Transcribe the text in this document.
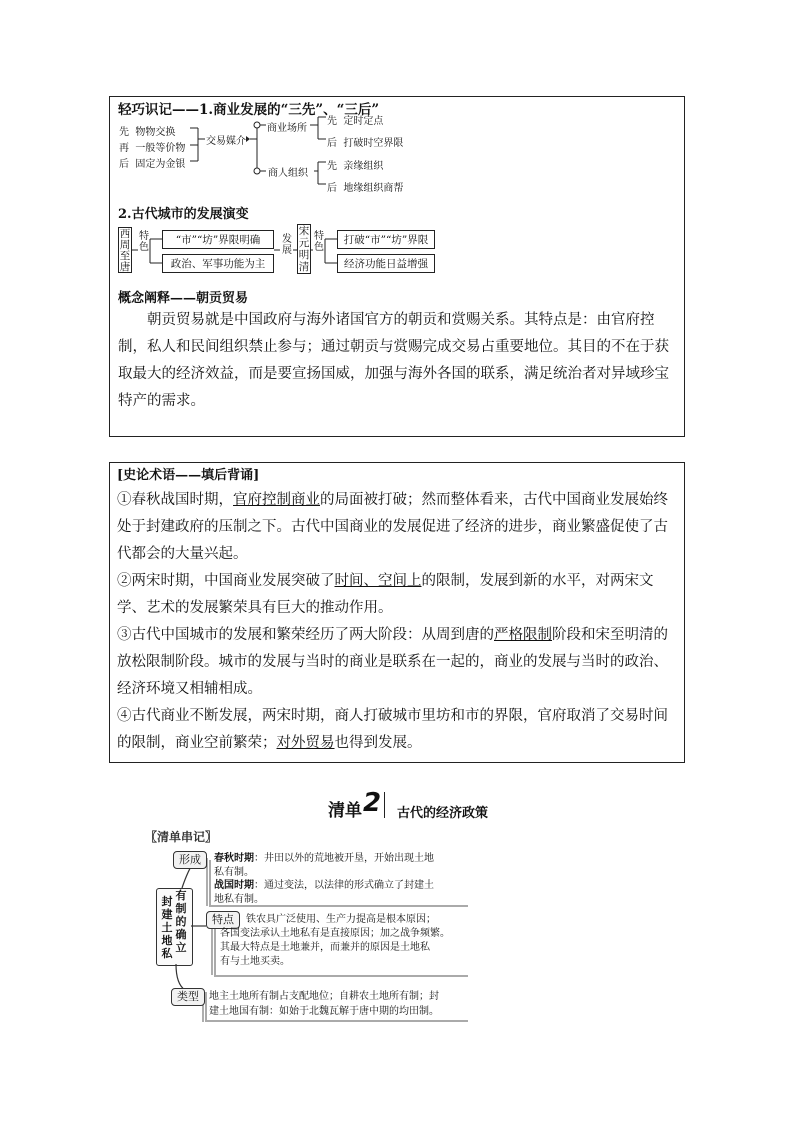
轻巧识记——1.商业发展的“三先”、“三后”
先 物物交换
再 一般等价物
后 固定为金银
交易媒介
商业场所
商人组织
先 定时定点
后 打破时空界限
先 亲缘组织
后 地缘组织商帮
2.古代城市的发展演变
西
周
至
唐
特
色
“市”“坊”界限明确
政治、军事功能为主
发
展
宋
元
明
清
特
色
打破“市”“坊”界限
经济功能日益增强
概念阐释——朝贡贸易
朝贡贸易就是中国政府与海外诸国官方的朝贡和赏赐关系。其特点是：由官府控制，私人和民间组织禁止参与；通过朝贡与赏赐完成交易占重要地位。其目的不在于获取最大的经济效益，而是要宣扬国威，加强与海外各国的联系，满足统治者对异域珍宝特产的需求。
[史论术语——填后背诵]
①春秋战国时期，官府控制商业的局面被打破；然而整体看来，古代中国商业发展始终处于封建政府的压制之下。古代中国商业的发展促进了经济的进步，商业繁盛促使了古代都会的大量兴起。
②两宋时期，中国商业发展突破了时间、空间上的限制，发展到新的水平，对两宋文学、艺术的发展繁荣具有巨大的推动作用。
③古代中国城市的发展和繁荣经历了两大阶段：从周到唐的严格限制阶段和宋至明清的放松限制阶段。城市的发展与当时的商业是联系在一起的，商业的发展与当时的政治、经济环境又相辅相成。
④古代商业不断发展，两宋时期，商人打破城市里坊和市的界限，官府取消了交易时间的限制，商业空前繁荣；对外贸易也得到发展。
清单 2 古代的经济政策
〖清单串记〗
封
建
土
地
私
有
制
的
确
立
形成
特点
类型
春秋时期：井田以外的荒地被开垦，开始出现土地
私有制。
战国时期：通过变法，以法律的形式确立了封建土
地私有制。
铁农具广泛使用、生产力提高是根本原因；
各国变法承认土地私有是直接原因；加之战争频繁。
其最大特点是土地兼并，而兼并的原因是土地私
有与土地买卖。
地主土地所有制占支配地位；自耕农土地所有制；封
建土地国有制：如始于北魏瓦解于唐中期的均田制。
